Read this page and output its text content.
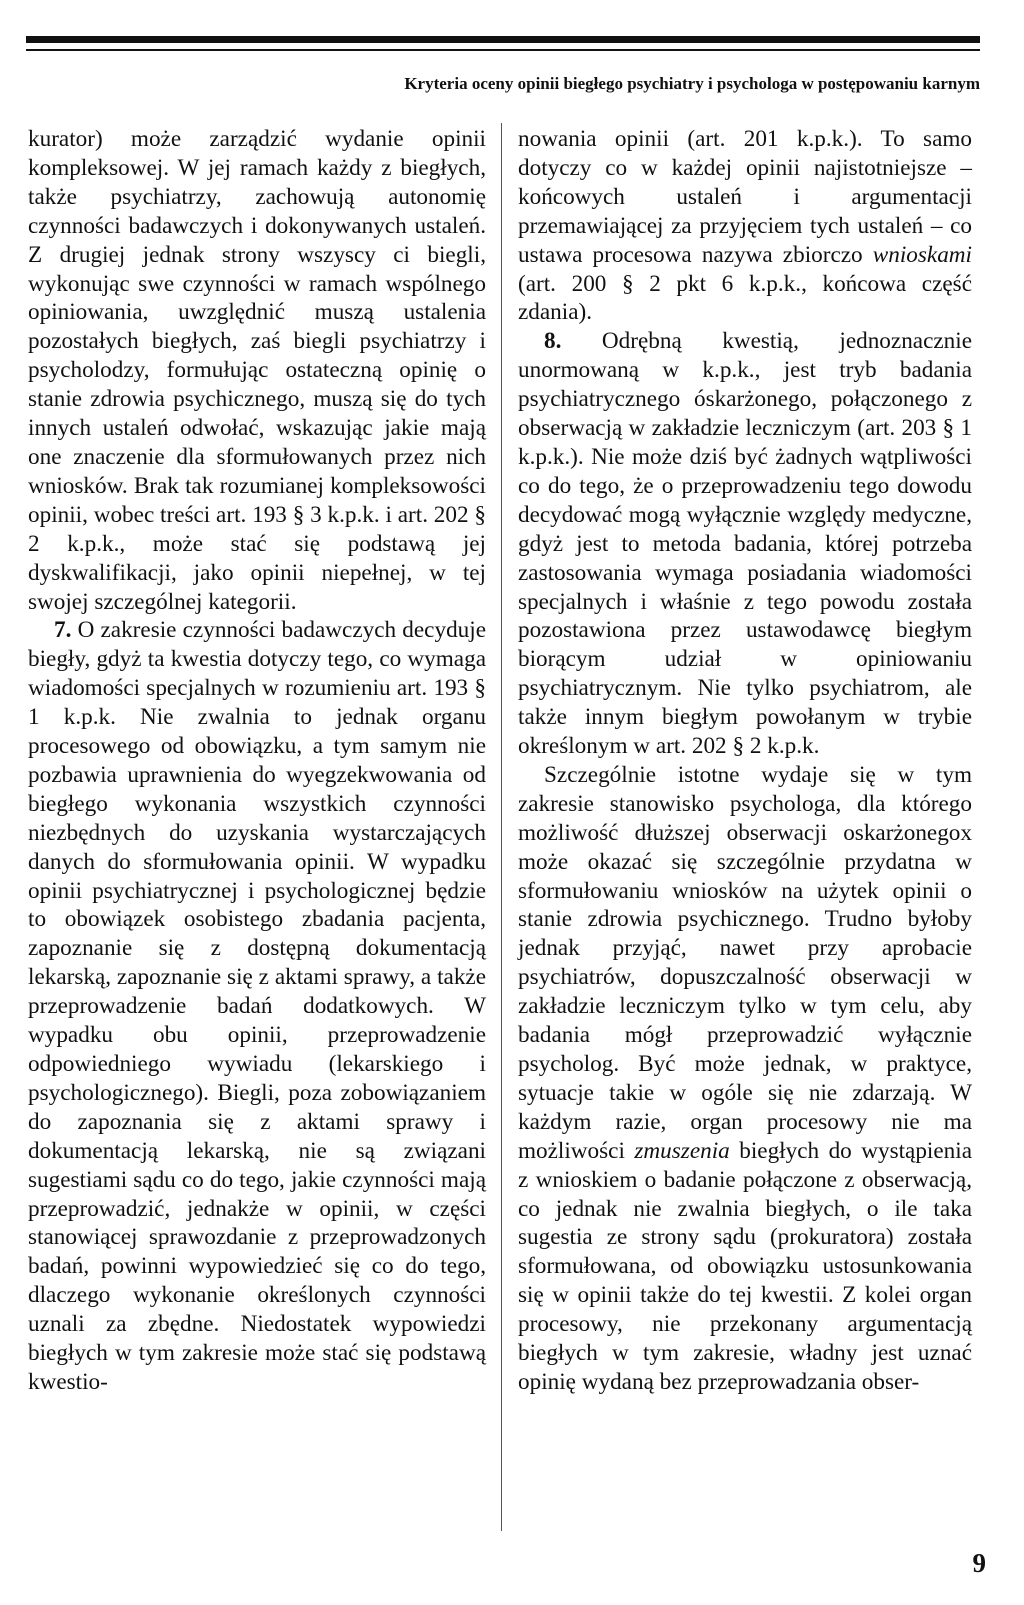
Kryteria oceny opinii biegłego psychiatry i psychologa w postępowaniu karnym

kurator) może zarządzić wydanie opinii kompleksowej. W jej ramach każdy z biegłych, także psychiatrzy, zachowują autonomię czynności badawczych i dokonywanych ustaleń. Z drugiej jednak strony wszyscy ci biegli, wykonując swe czynności w ramach wspólnego opiniowania, uwzględnić muszą ustalenia pozostałych biegłych, zaś biegli psychiatrzy i psycholodzy, formułując ostateczną opinię o stanie zdrowia psychicznego, muszą się do tych innych ustaleń odwołać, wskazując jakie mają one znaczenie dla sformułowanych przez nich wniosków. Brak tak rozumianej kompleksowości opinii, wobec treści art. 193 § 3 k.p.k. i art. 202 § 2 k.p.k., może stać się podstawą jej dyskwalifikacji, jako opinii niepełnej, w tej swojej szczególnej kategorii.

7. O zakresie czynności badawczych decyduje biegły, gdyż ta kwestia dotyczy tego, co wymaga wiadomości specjalnych w rozumieniu art. 193 § 1 k.p.k. Nie zwalnia to jednak organu procesowego od obowiązku, a tym samym nie pozbawia uprawnienia do wyegzekwowania od biegłego wykonania wszystkich czynności niezbędnych do uzyskania wystarczających danych do sformułowania opinii. W wypadku opinii psychiatrycznej i psychologicznej będzie to obowiązek osobistego zbadania pacjenta, zapoznanie się z dostępną dokumentacją lekarską, zapoznanie się z aktami sprawy, a także przeprowadzenie badań dodatkowych. W wypadku obu opinii, przeprowadzenie odpowiedniego wywiadu (lekarskiego i psychologicznego). Biegli, poza zobowiązaniem do zapoznania się z aktami sprawy i dokumentacją lekarską, nie są związani sugestiami sądu co do tego, jakie czynności mają przeprowadzić, jednakże w opinii, w części stanowiącej sprawozdanie z przeprowadzonych badań, powinni wypowiedzieć się co do tego, dlaczego wykonanie określonych czynności uznali za zbędne. Niedostatek wypowiedzi biegłych w tym zakresie może stać się podstawą kwestio-

nowania opinii (art. 201 k.p.k.). To samo dotyczy co w każdej opinii najistotniejsze – końcowych ustaleń i argumentacji przemawiającej za przyjęciem tych ustaleń – co ustawa procesowa nazywa zbiorczo wnioskami (art. 200 § 2 pkt 6 k.p.k., końcowa część zdania).

8. Odrębną kwestią, jednoznacznie unormowaną w k.p.k., jest tryb badania psychiatrycznego óskarżonego, połączonego z obserwacją w zakładzie leczniczym (art. 203 § 1 k.p.k.). Nie może dziś być żadnych wątpliwości co do tego, że o przeprowadzeniu tego dowodu decydować mogą wyłącznie względy medyczne, gdyż jest to metoda badania, której potrzeba zastosowania wymaga posiadania wiadomości specjalnych i właśnie z tego powodu została pozostawiona przez ustawodawcę biegłym biorącym udział w opiniowaniu psychiatrycznym. Nie tylko psychiatrom, ale także innym biegłym powołanym w trybie określonym w art. 202 § 2 k.p.k.

Szczególnie istotne wydaje się w tym zakresie stanowisko psychologa, dla którego możliwość dłuższej obserwacji oskarżonegox może okazać się szczególnie przydatna w sformułowaniu wniosków na użytek opinii o stanie zdrowia psychicznego. Trudno byłoby jednak przyjąć, nawet przy aprobacie psychiatrów, dopuszczalność obserwacji w zakładzie leczniczym tylko w tym celu, aby badania mógł przeprowadzić wyłącznie psycholog. Być może jednak, w praktyce, sytuacje takie w ogóle się nie zdarzają. W każdym razie, organ procesowy nie ma możliwości zmuszenia biegłych do wystąpienia z wnioskiem o badanie połączone z obserwacją, co jednak nie zwalnia biegłych, o ile taka sugestia ze strony sądu (prokuratora) została sformułowana, od obowiązku ustosunkowania się w opinii także do tej kwestii. Z kolei organ procesowy, nie przekonany argumentacją biegłych w tym zakresie, władny jest uznać opinię wydaną bez przeprowadzania obser-

9
